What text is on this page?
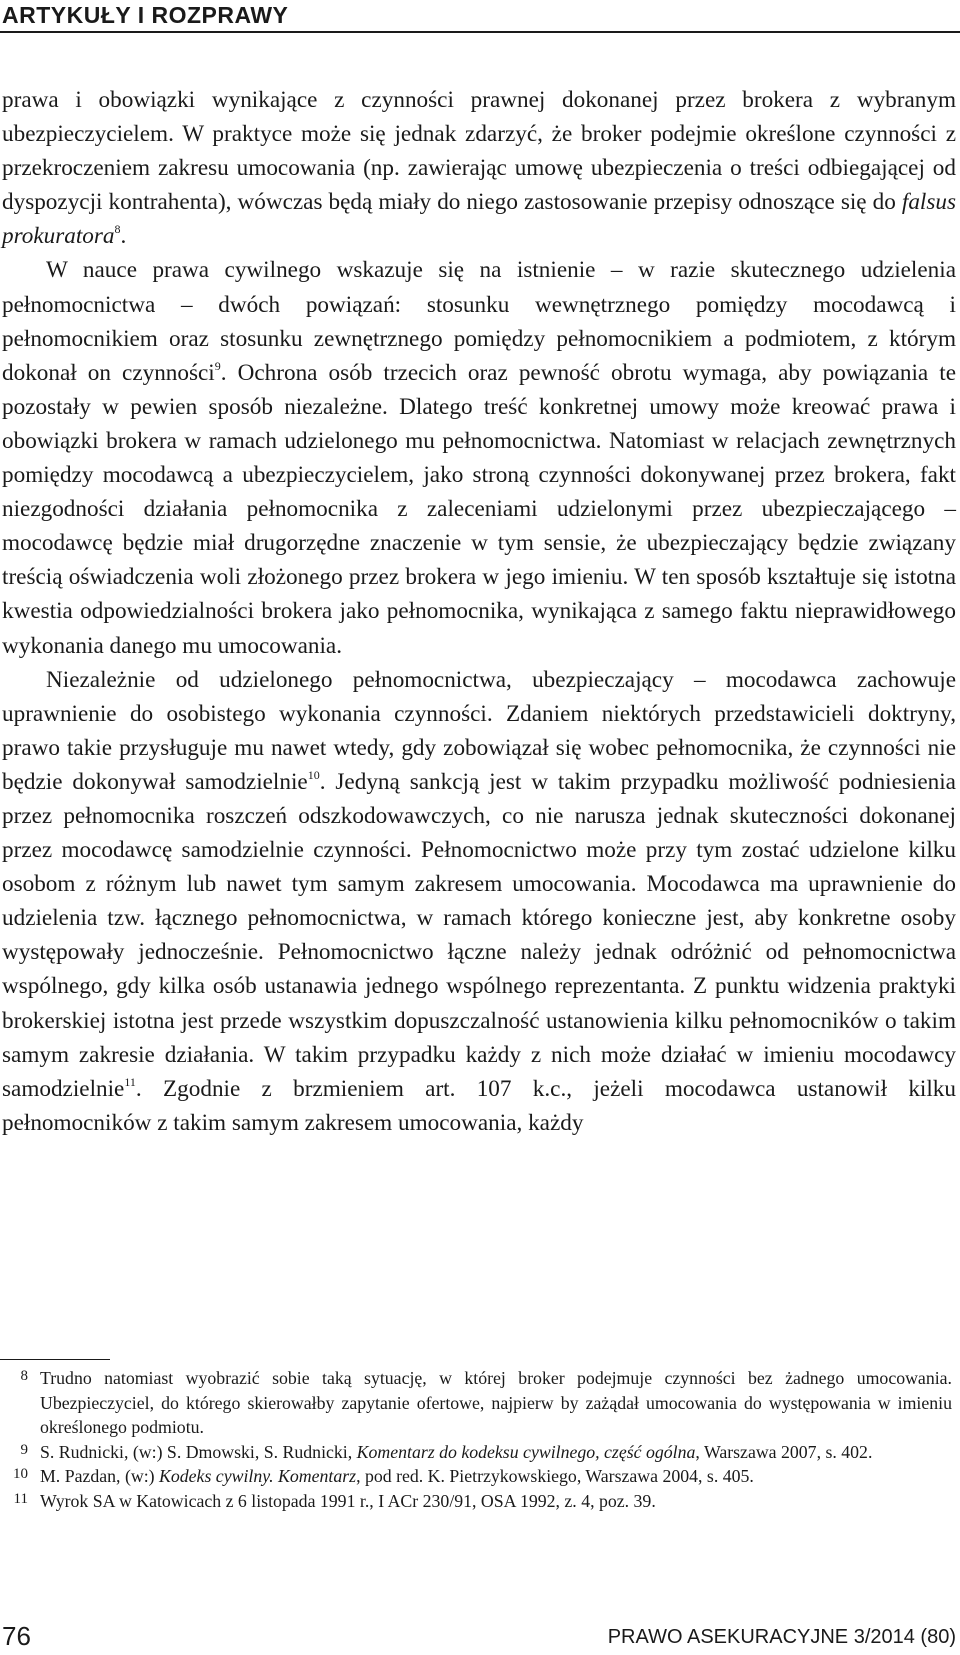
ARTYKUŁY I ROZPRAWY

prawa i obowiązki wynikające z czynności prawnej dokonanej przez brokera z wybranym ubezpieczycielem. W praktyce może się jednak zdarzyć, że broker podejmie określone czynności z przekroczeniem zakresu umocowania (np. zawierając umowę ubezpieczenia o treści odbiegającej od dyspozycji kontrahenta), wówczas będą miały do niego zastosowanie przepisy odnoszące się do falsus prokuratora$^8$.

W nauce prawa cywilnego wskazuje się na istnienie – w razie skutecznego udzielenia pełnomocnictwa – dwóch powiązań: stosunku wewnętrznego pomiędzy mocodawcą i pełnomocnikiem oraz stosunku zewnętrznego pomiędzy pełnomocnikiem a podmiotem, z którym dokonał on czynności$^9$. Ochrona osób trzecich oraz pewność obrotu wymaga, aby powiązania te pozostały w pewien sposób niezależne. Dlatego treść konkretnej umowy może kreować prawa i obowiązki brokera w ramach udzielonego mu pełnomocnictwa. Natomiast w relacjach zewnętrznych pomiędzy mocodawcą a ubezpieczycielem, jako stroną czynności dokonywanej przez brokera, fakt niezgodności działania pełnomocnika z zaleceniami udzielonymi przez ubezpieczającego – mocodawcę będzie miał drugorzędne znaczenie w tym sensie, że ubezpieczający będzie związany treścią oświadczenia woli złożonego przez brokera w jego imieniu. W ten sposób kształtuje się istotna kwestia odpowiedzialności brokera jako pełnomocnika, wynikająca z samego faktu nieprawidłowego wykonania danego mu umocowania.

Niezależnie od udzielonego pełnomocnictwa, ubezpieczający – mocodawca zachowuje uprawnienie do osobistego wykonania czynności. Zdaniem niektórych przedstawicieli doktryny, prawo takie przysługuje mu nawet wtedy, gdy zobowiązał się wobec pełnomocnika, że czynności nie będzie dokonywał samodzielnie$^{10}$. Jedyną sankcją jest w takim przypadku możliwość podniesienia przez pełnomocnika roszczeń odszkodowawczych, co nie narusza jednak skuteczności dokonanej przez mocodawcę samodzielnie czynności. Pełnomocnictwo może przy tym zostać udzielone kilku osobom z różnym lub nawet tym samym zakresem umocowania. Mocodawca ma uprawnienie do udzielenia tzw. łącznego pełnomocnictwa, w ramach którego konieczne jest, aby konkretne osoby występowały jednocześnie. Pełnomocnictwo łączne należy jednak odróżnić od pełnomocnictwa wspólnego, gdy kilka osób ustanawia jednego wspólnego reprezentanta. Z punktu widzenia praktyki brokerskiej istotna jest przede wszystkim dopuszczalność ustanowienia kilku pełnomocników o takim samym zakresie działania. W takim przypadku każdy z nich może działać w imieniu mocodawcy samodzielnie$^{11}$. Zgodnie z brzmieniem art. 107 k.c., jeżeli mocodawca ustanowił kilku pełnomocników z takim samym zakresem umocowania, każdy

8 Trudno natomiast wyobrazić sobie taką sytuację, w której broker podejmuje czynności bez żadnego umocowania. Ubezpieczyciel, do którego skierowałby zapytanie ofertowe, najpierw by zażądał umocowania do występowania w imieniu określonego podmiotu.
9 S. Rudnicki, (w:) S. Dmowski, S. Rudnicki, Komentarz do kodeksu cywilnego, część ogólna, Warszawa 2007, s. 402.
10 M. Pazdan, (w:) Kodeks cywilny. Komentarz, pod red. K. Pietrzykowskiego, Warszawa 2004, s. 405.
11 Wyrok SA w Katowicach z 6 listopada 1991 r., I ACr 230/91, OSA 1992, z. 4, poz. 39.
76	PRAWO ASEKURACYJNE 3/2014 (80)
